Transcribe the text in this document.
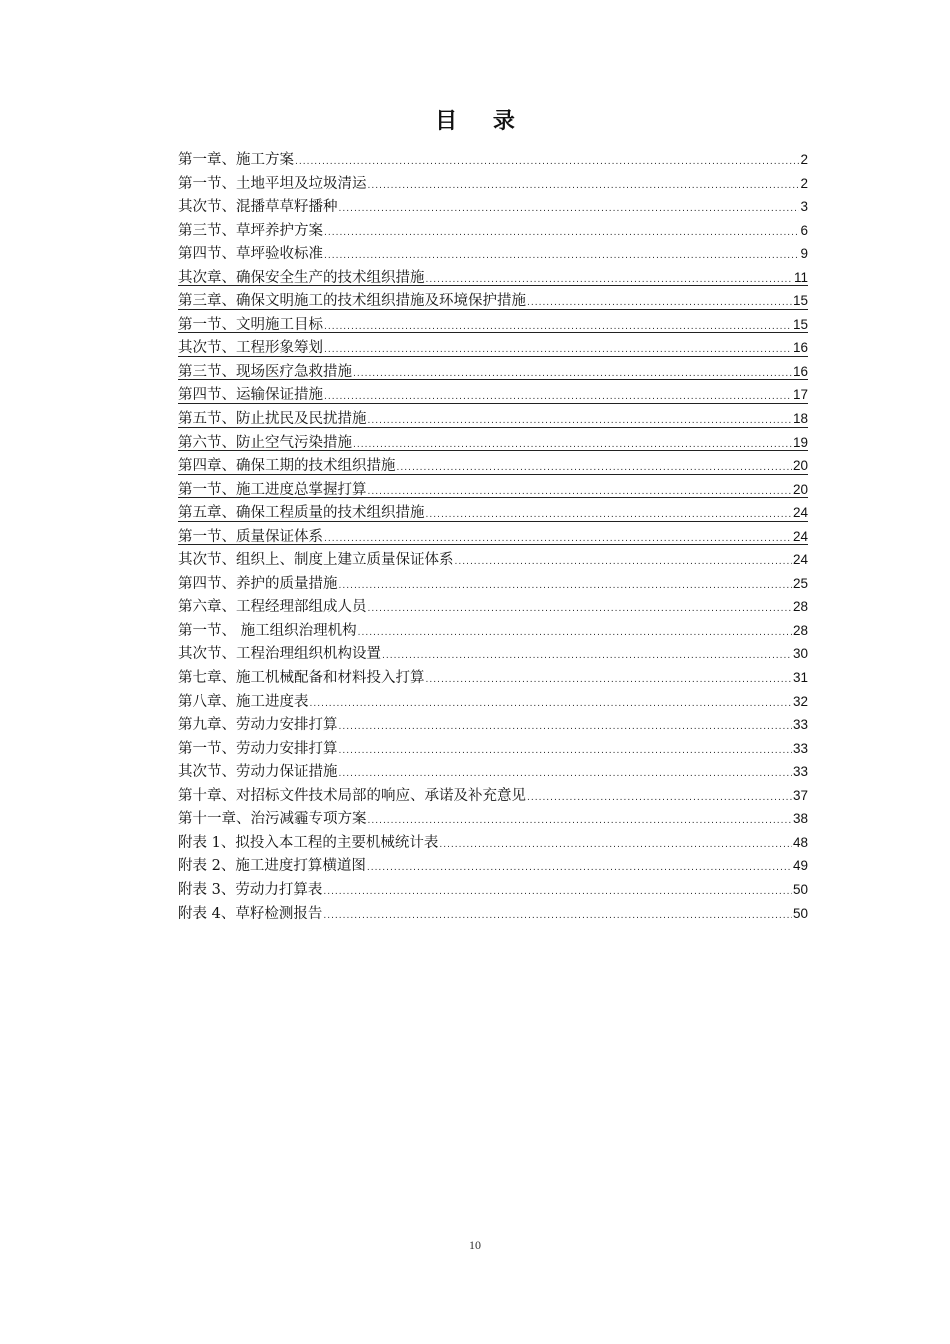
目 录
第一章、施工方案 .....	2
第一节、土地平坦及垃圾清运 .....	2
其次节、混播草草籽播种 .....	3
第三节、草坪养护方案 .....	6
第四节、草坪验收标准 .....	9
其次章、确保安全生产的技术组织措施 .....	11
第三章、确保文明施工的技术组织措施及环境保护措施 .....	15
第一节、文明施工目标 .....	15
其次节、工程形象筹划 .....	16
第三节、现场医疗急救措施 .....	16
第四节、运输保证措施 .....	17
第五节、防止扰民及民扰措施 .....	18
第六节、防止空气污染措施 .....	19
第四章、确保工期的技术组织措施 .....	20
第一节、施工进度总掌握打算 .....	20
第五章、确保工程质量的技术组织措施 .....	24
第一节、质量保证体系 .....	24
其次节、组织上、制度上建立质量保证体系 .....	24
第四节、养护的质量措施 .....	25
第六章、工程经理部组成人员 .....	28
第一节、 施工组织治理机构 .....	28
其次节、工程治理组织机构设置 .....	30
第七章、施工机械配备和材料投入打算 .....	31
第八章、施工进度表 .....	32
第九章、劳动力安排打算 .....	33
第一节、劳动力安排打算 .....	33
其次节、劳动力保证措施 .....	33
第十章、对招标文件技术局部的响应、承诺及补充意见 .....	37
第十一章、治污减霾专项方案 .....	38
附表 1、拟投入本工程的主要机械统计表 .....	48
附表 2、施工进度打算横道图 .....	49
附表 3、劳动力打算表 .....	50
附表 4、草籽检测报告 .....	50
10
